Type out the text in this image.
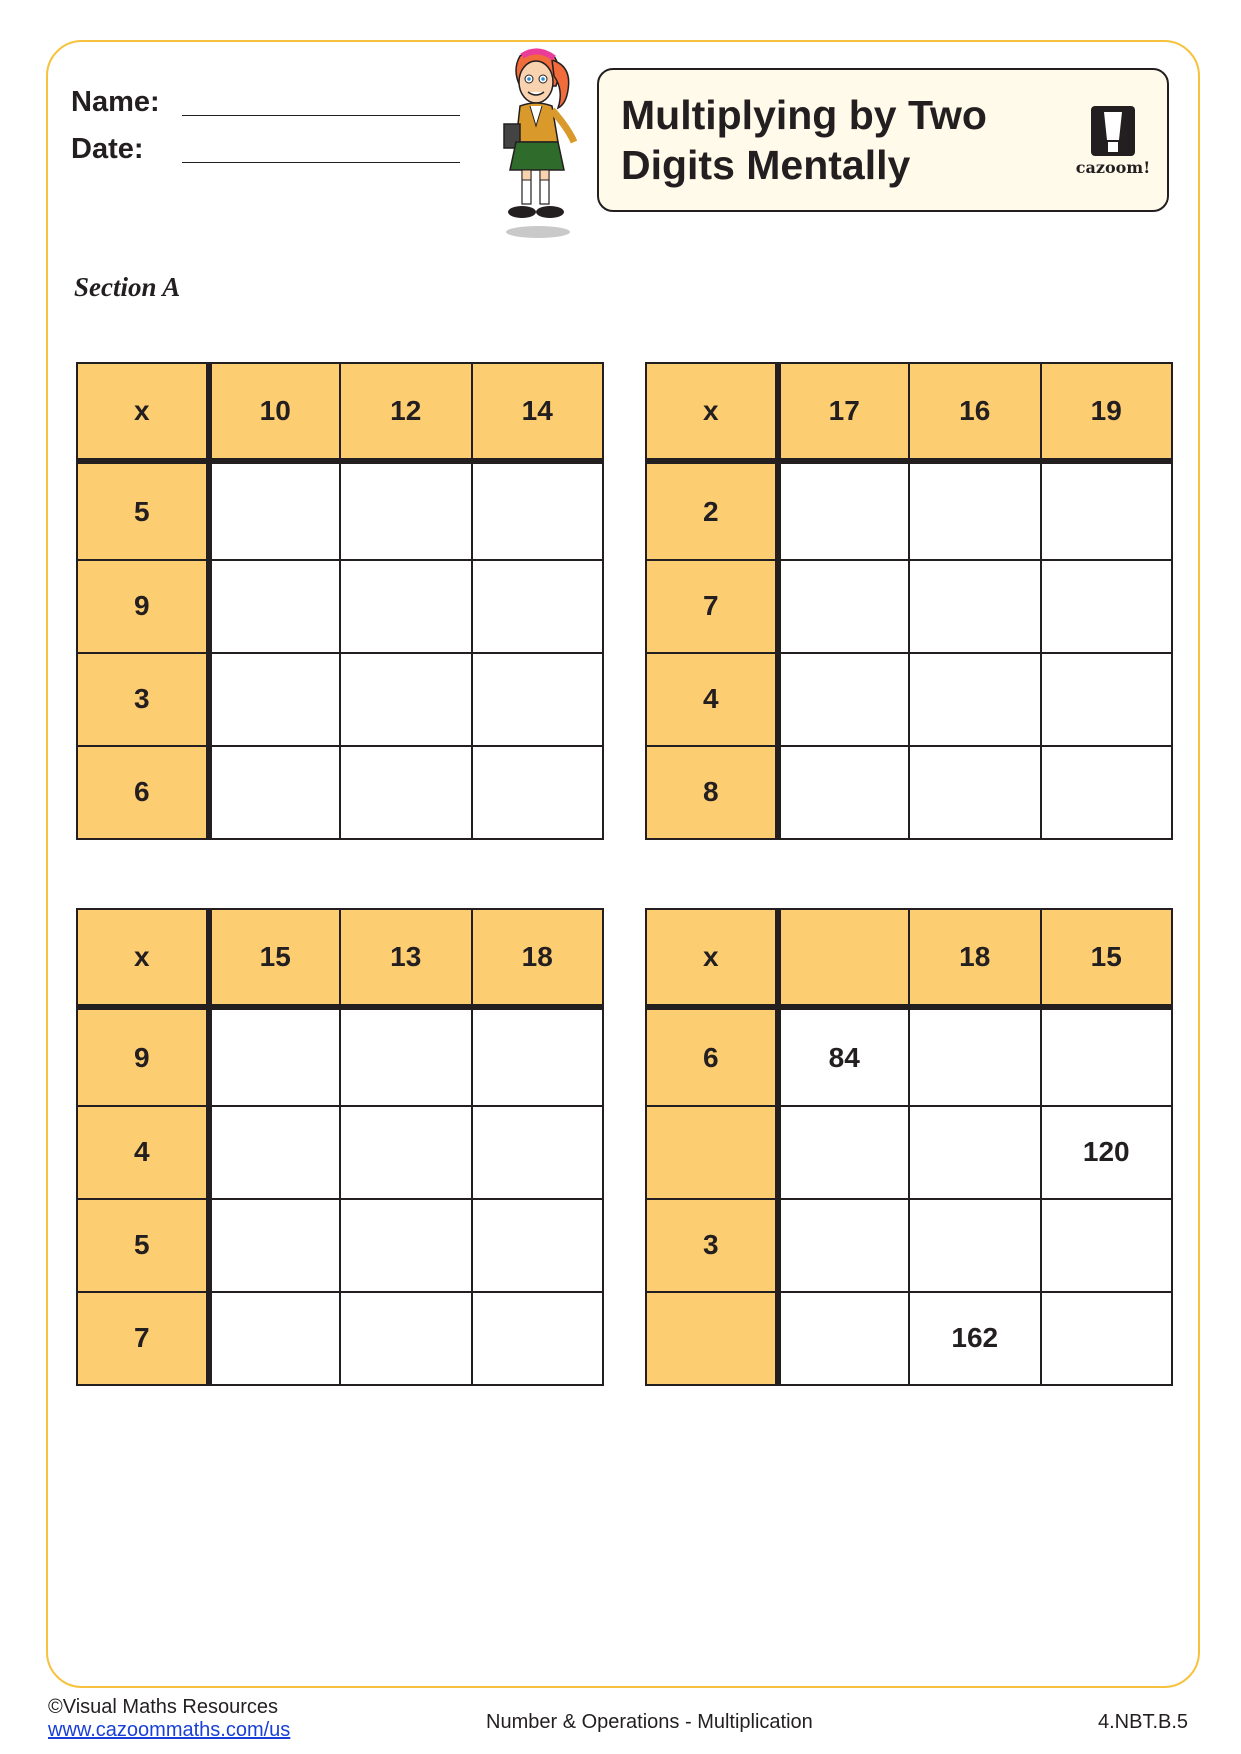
Name:
Date:
Multiplying by Two
Digits Mentally	cazoom!
Section A
x	10	12	14
5			
9			
3			
6			
x	17	16	19
2			
7			
4			
8			
x	15	13	18
9			
4			
5			
7			
x		18	15
6	84		
			120
3			
		162	
©Visual Maths Resources
www.cazoommaths.com/us	Number & Operations - Multiplication	4.NBT.B.5
